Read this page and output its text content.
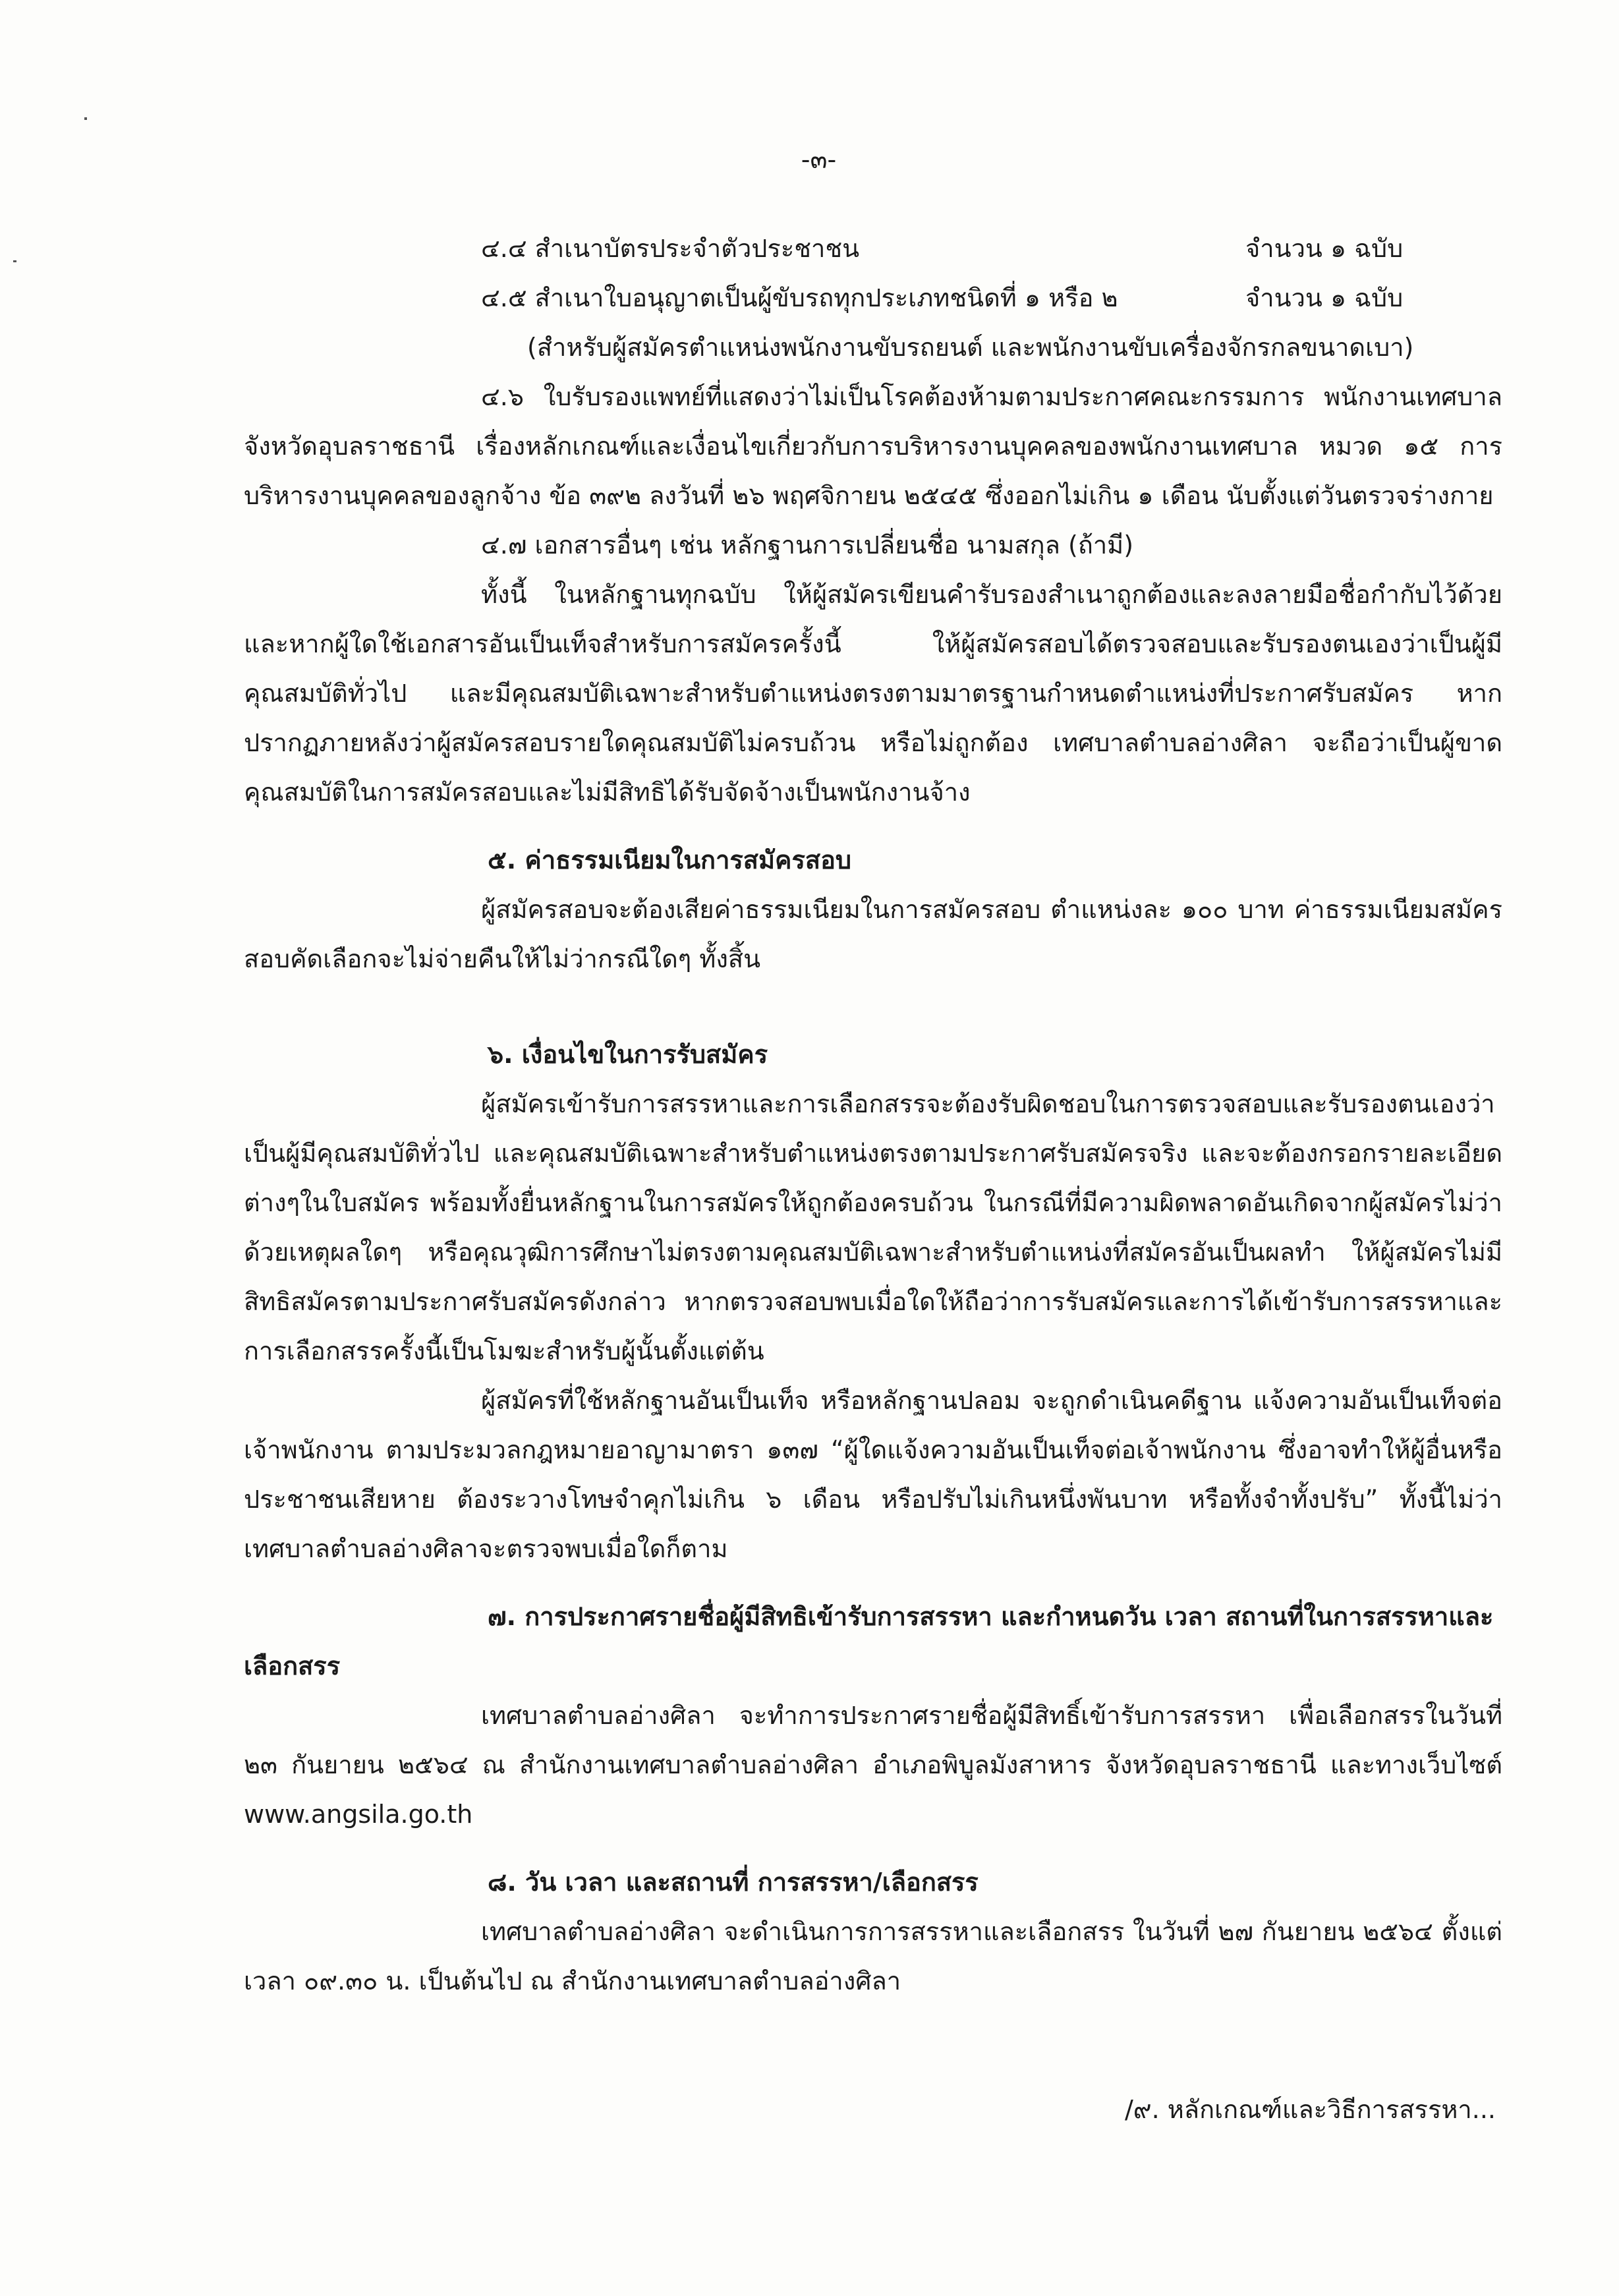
-๓-
๔.๔ สำเนาบัตรประจำตัวประชาชน	จำนวน ๑ ฉบับ
๔.๕ สำเนาใบอนุญาตเป็นผู้ขับรถทุกประเภทชนิดที่ ๑ หรือ ๒	จำนวน ๑ ฉบับ
(สำหรับผู้สมัครตำแหน่งพนักงานขับรถยนต์ และพนักงานขับเครื่องจักรกลขนาดเบา)
๔.๖ ใบรับรองแพทย์ที่แสดงว่าไม่เป็นโรคต้องห้ามตามประกาศคณะกรรมการ พนักงานเทศบาลจังหวัดอุบลราชธานี เรื่องหลักเกณฑ์และเงื่อนไขเกี่ยวกับการบริหารงานบุคคลของพนักงานเทศบาล หมวด ๑๕ การบริหารงานบุคคลของลูกจ้าง ข้อ ๓๙๒ ลงวันที่ ๒๖ พฤศจิกายน ๒๕๔๕ ซึ่งออกไม่เกิน ๑ เดือน นับตั้งแต่วันตรวจร่างกาย
๔.๗ เอกสารอื่นๆ เช่น หลักฐานการเปลี่ยนชื่อ นามสกุล (ถ้ามี)
ทั้งนี้ ในหลักฐานทุกฉบับ ให้ผู้สมัครเขียนคำรับรองสำเนาถูกต้องและลงลายมือชื่อกำกับไว้ด้วย และหากผู้ใดใช้เอกสารอันเป็นเท็จสำหรับการสมัครครั้งนี้ ให้ผู้สมัครสอบได้ตรวจสอบและรับรองตนเองว่าเป็นผู้มีคุณสมบัติทั่วไป และมีคุณสมบัติเฉพาะสำหรับตำแหน่งตรงตามมาตรฐานกำหนดตำแหน่งที่ประกาศรับสมัคร หากปรากฏภายหลังว่าผู้สมัครสอบรายใดคุณสมบัติไม่ครบถ้วน หรือไม่ถูกต้อง เทศบาลตำบลอ่างศิลา จะถือว่าเป็นผู้ขาดคุณสมบัติในการสมัครสอบและไม่มีสิทธิได้รับจัดจ้างเป็นพนักงานจ้าง
๕. ค่าธรรมเนียมในการสมัครสอบ
ผู้สมัครสอบจะต้องเสียค่าธรรมเนียมในการสมัครสอบ ตำแหน่งละ ๑๐๐ บาท ค่าธรรมเนียมสมัครสอบคัดเลือกจะไม่จ่ายคืนให้ไม่ว่ากรณีใดๆ ทั้งสิ้น
๖. เงื่อนไขในการรับสมัคร
ผู้สมัครเข้ารับการสรรหาและการเลือกสรรจะต้องรับผิดชอบในการตรวจสอบและรับรองตนเองว่าเป็นผู้มีคุณสมบัติทั่วไป และคุณสมบัติเฉพาะสำหรับตำแหน่งตรงตามประกาศรับสมัครจริง และจะต้องกรอกรายละเอียดต่างๆในใบสมัคร พร้อมทั้งยื่นหลักฐานในการสมัครให้ถูกต้องครบถ้วน ในกรณีที่มีความผิดพลาดอันเกิดจากผู้สมัครไม่ว่าด้วยเหตุผลใดๆ หรือคุณวุฒิการศึกษาไม่ตรงตามคุณสมบัติเฉพาะสำหรับตำแหน่งที่สมัครอันเป็นผลทำ ให้ผู้สมัครไม่มีสิทธิสมัครตามประกาศรับสมัครดังกล่าว หากตรวจสอบพบเมื่อใดให้ถือว่าการรับสมัครและการได้เข้ารับการสรรหาและการเลือกสรรครั้งนี้เป็นโมฆะสำหรับผู้นั้นตั้งแต่ต้น
ผู้สมัครที่ใช้หลักฐานอันเป็นเท็จ หรือหลักฐานปลอม จะถูกดำเนินคดีฐาน แจ้งความอันเป็นเท็จต่อเจ้าพนักงาน ตามประมวลกฎหมายอาญามาตรา ๑๓๗ “ผู้ใดแจ้งความอันเป็นเท็จต่อเจ้าพนักงาน ซึ่งอาจทำให้ผู้อื่นหรือประชาชนเสียหาย ต้องระวางโทษจำคุกไม่เกิน ๖ เดือน หรือปรับไม่เกินหนึ่งพันบาท หรือทั้งจำทั้งปรับ” ทั้งนี้ไม่ว่าเทศบาลตำบลอ่างศิลาจะตรวจพบเมื่อใดก็ตาม
๗. การประกาศรายชื่อผู้มีสิทธิเข้ารับการสรรหา และกำหนดวัน เวลา สถานที่ในการสรรหาและเลือกสรร
เทศบาลตำบลอ่างศิลา จะทำการประกาศรายชื่อผู้มีสิทธิ์เข้ารับการสรรหา เพื่อเลือกสรรในวันที่ ๒๓ กันยายน ๒๕๖๔ ณ สำนักงานเทศบาลตำบลอ่างศิลา อำเภอพิบูลมังสาหาร จังหวัดอุบลราชธานี และทางเว็บไซต์ www.angsila.go.th
๘. วัน เวลา และสถานที่ การสรรหา/เลือกสรร
เทศบาลตำบลอ่างศิลา จะดำเนินการการสรรหาและเลือกสรร ในวันที่ ๒๗ กันยายน ๒๕๖๔ ตั้งแต่เวลา ๐๙.๓๐ น. เป็นต้นไป ณ สำนักงานเทศบาลตำบลอ่างศิลา
/๙. หลักเกณฑ์และวิธีการสรรหา...
